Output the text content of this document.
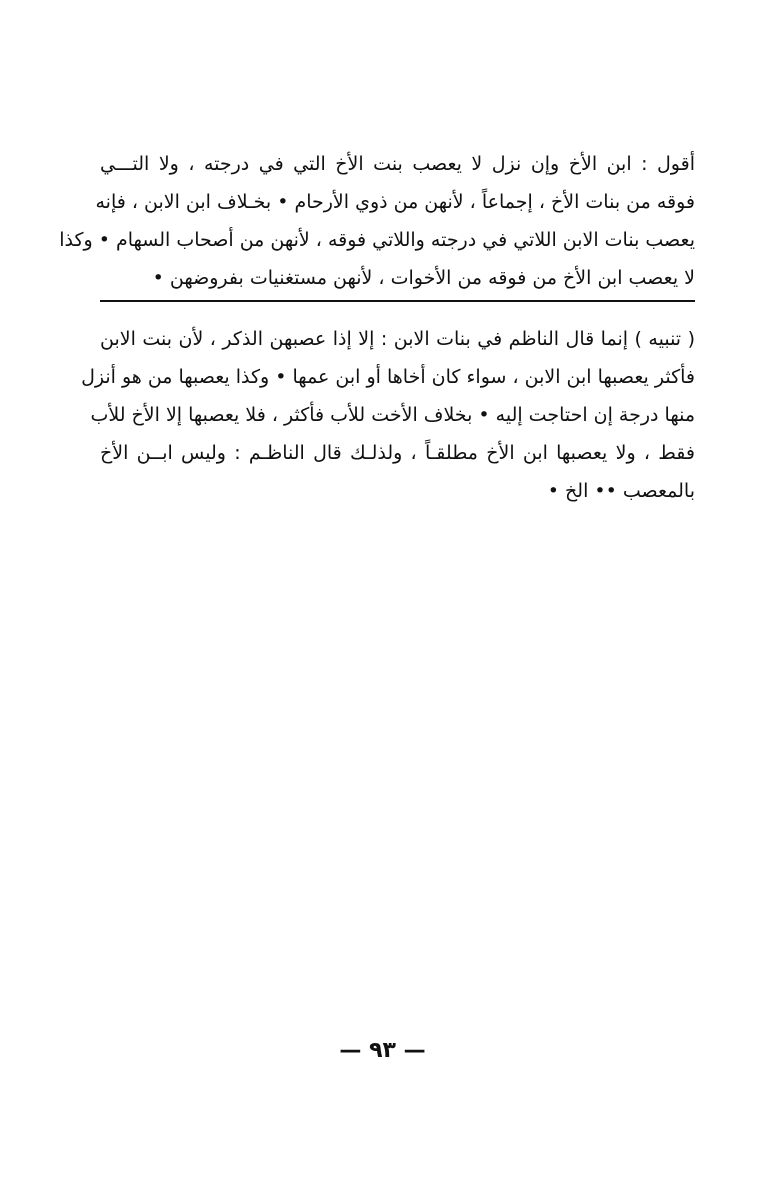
أقول : ابن الأخ وإن نزل لا يعصب بنت الأخ التي في درجته ، ولا التـــي
فوقه من بنات الأخ ، إجماعاً ، لأنهن من ذوي الأرحام • بخـلاف ابن الابن ، فإنه
يعصب بنات الابن اللاتي في درجته واللاتي فوقه ، لأنهن من أصحاب السهام • وكذا
لا يعصب ابن الأخ من فوقه من الأخوات ، لأنهن مستغنيات بفروضهن •
( تنبيه ) إنما قال الناظم في بنات الابن : إلا إذا عصبهن الذكر ، لأن بنت الابن
فأكثر يعصبها ابن الابن ، سواء كان أخاها أو ابن عمها • وكذا يعصبها من هو أنزل
منها درجة إن احتاجت إليه • بخلاف الأخت للأب فأكثر ، فلا يعصبها إلا الأخ للأب
فقط ، ولا يعصبها ابن الأخ مطلقـاً ، ولذلـك قال الناظـم : وليس ابــن الأخ
بالمعصب •• الخ •
— ٩٣ —
